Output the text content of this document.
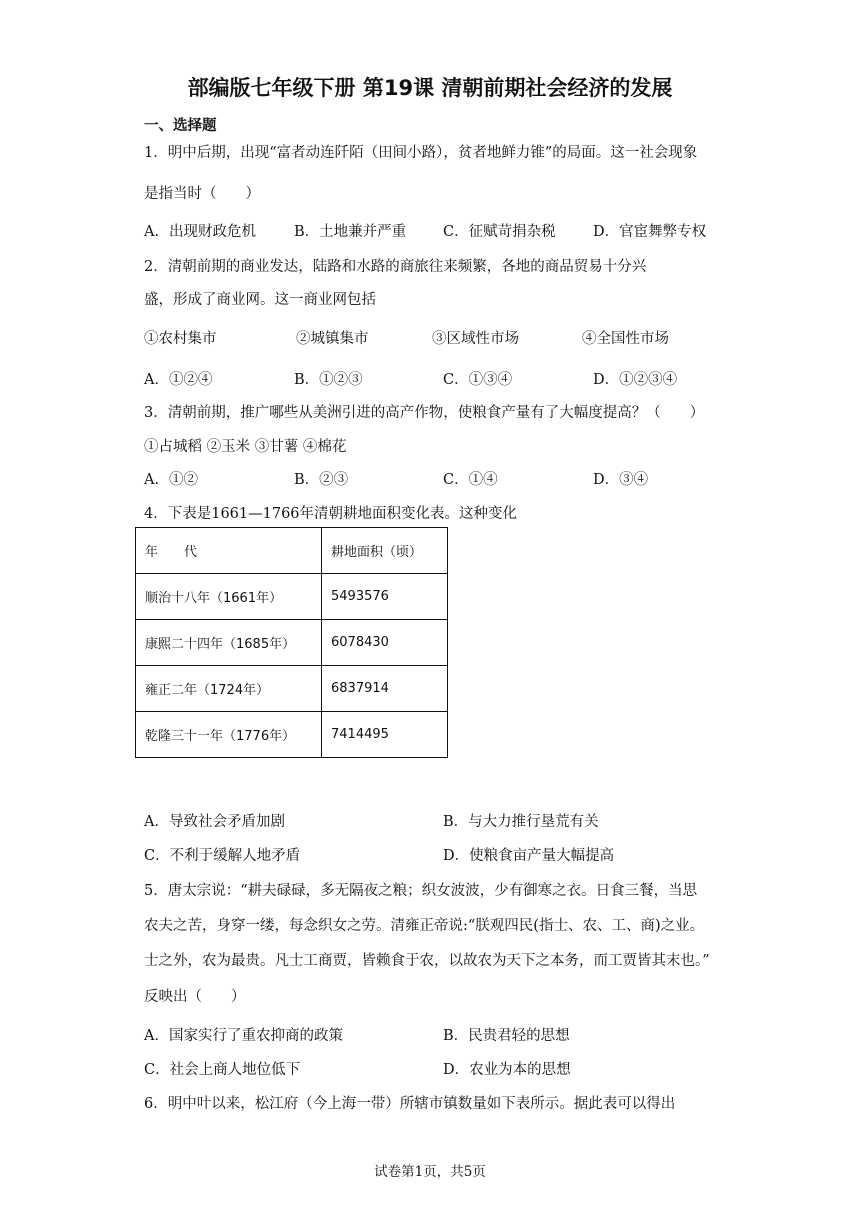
部编版七年级下册 第19课 清朝前期社会经济的发展
一、选择题
1．明中后期，出现“富者动连阡陌（田间小路），贫者地鲜力锥”的局面。这一社会现象
是指当时（　　）
A．出现财政危机	B．土地兼并严重	C．征赋苛捐杂税	D．官宦舞弊专权
2．清朝前期的商业发达，陆路和水路的商旅往来频繁，各地的商品贸易十分兴
盛，形成了商业网。这一商业网包括
①农村集市	②城镇集市	③区域性市场	④全国性市场
A．①②④	B．①②③	C．①③④	D．①②③④
3．清朝前期，推广哪些从美洲引进的高产作物，使粮食产量有了大幅度提高？（　　）
①占城稻 ②玉米 ③甘薯 ④棉花
A．①②	B．②③	C．①④	D．③④
4．下表是1661—1766年清朝耕地面积变化表。这种变化
年　　代	耕地面积（顷）
顺治十八年（1661年）	5493576
康熙二十四年（1685年）	6078430
雍正二年（1724年）	6837914
乾隆三十一年（1776年）	7414495
A．导致社会矛盾加剧	B．与大力推行垦荒有关
C．不利于缓解人地矛盾	D．使粮食亩产量大幅提高
5．唐太宗说：“耕夫碌碌，多无隔夜之粮；织女波波，少有御寒之衣。日食三餐，当思
农夫之苦，身穿一缕，每念织女之劳。清雍正帝说:“朕观四民(指士、农、工、商)之业。
士之外，农为最贵。凡士工商贾，皆赖食于农，以故农为天下之本务，而工贾皆其末也。”
反映出（　　）
A．国家实行了重农抑商的政策	B．民贵君轻的思想
C．社会上商人地位低下	D．农业为本的思想
6．明中叶以来，松江府（今上海一带）所辖市镇数量如下表所示。据此表可以得出
试卷第1页，共5页
